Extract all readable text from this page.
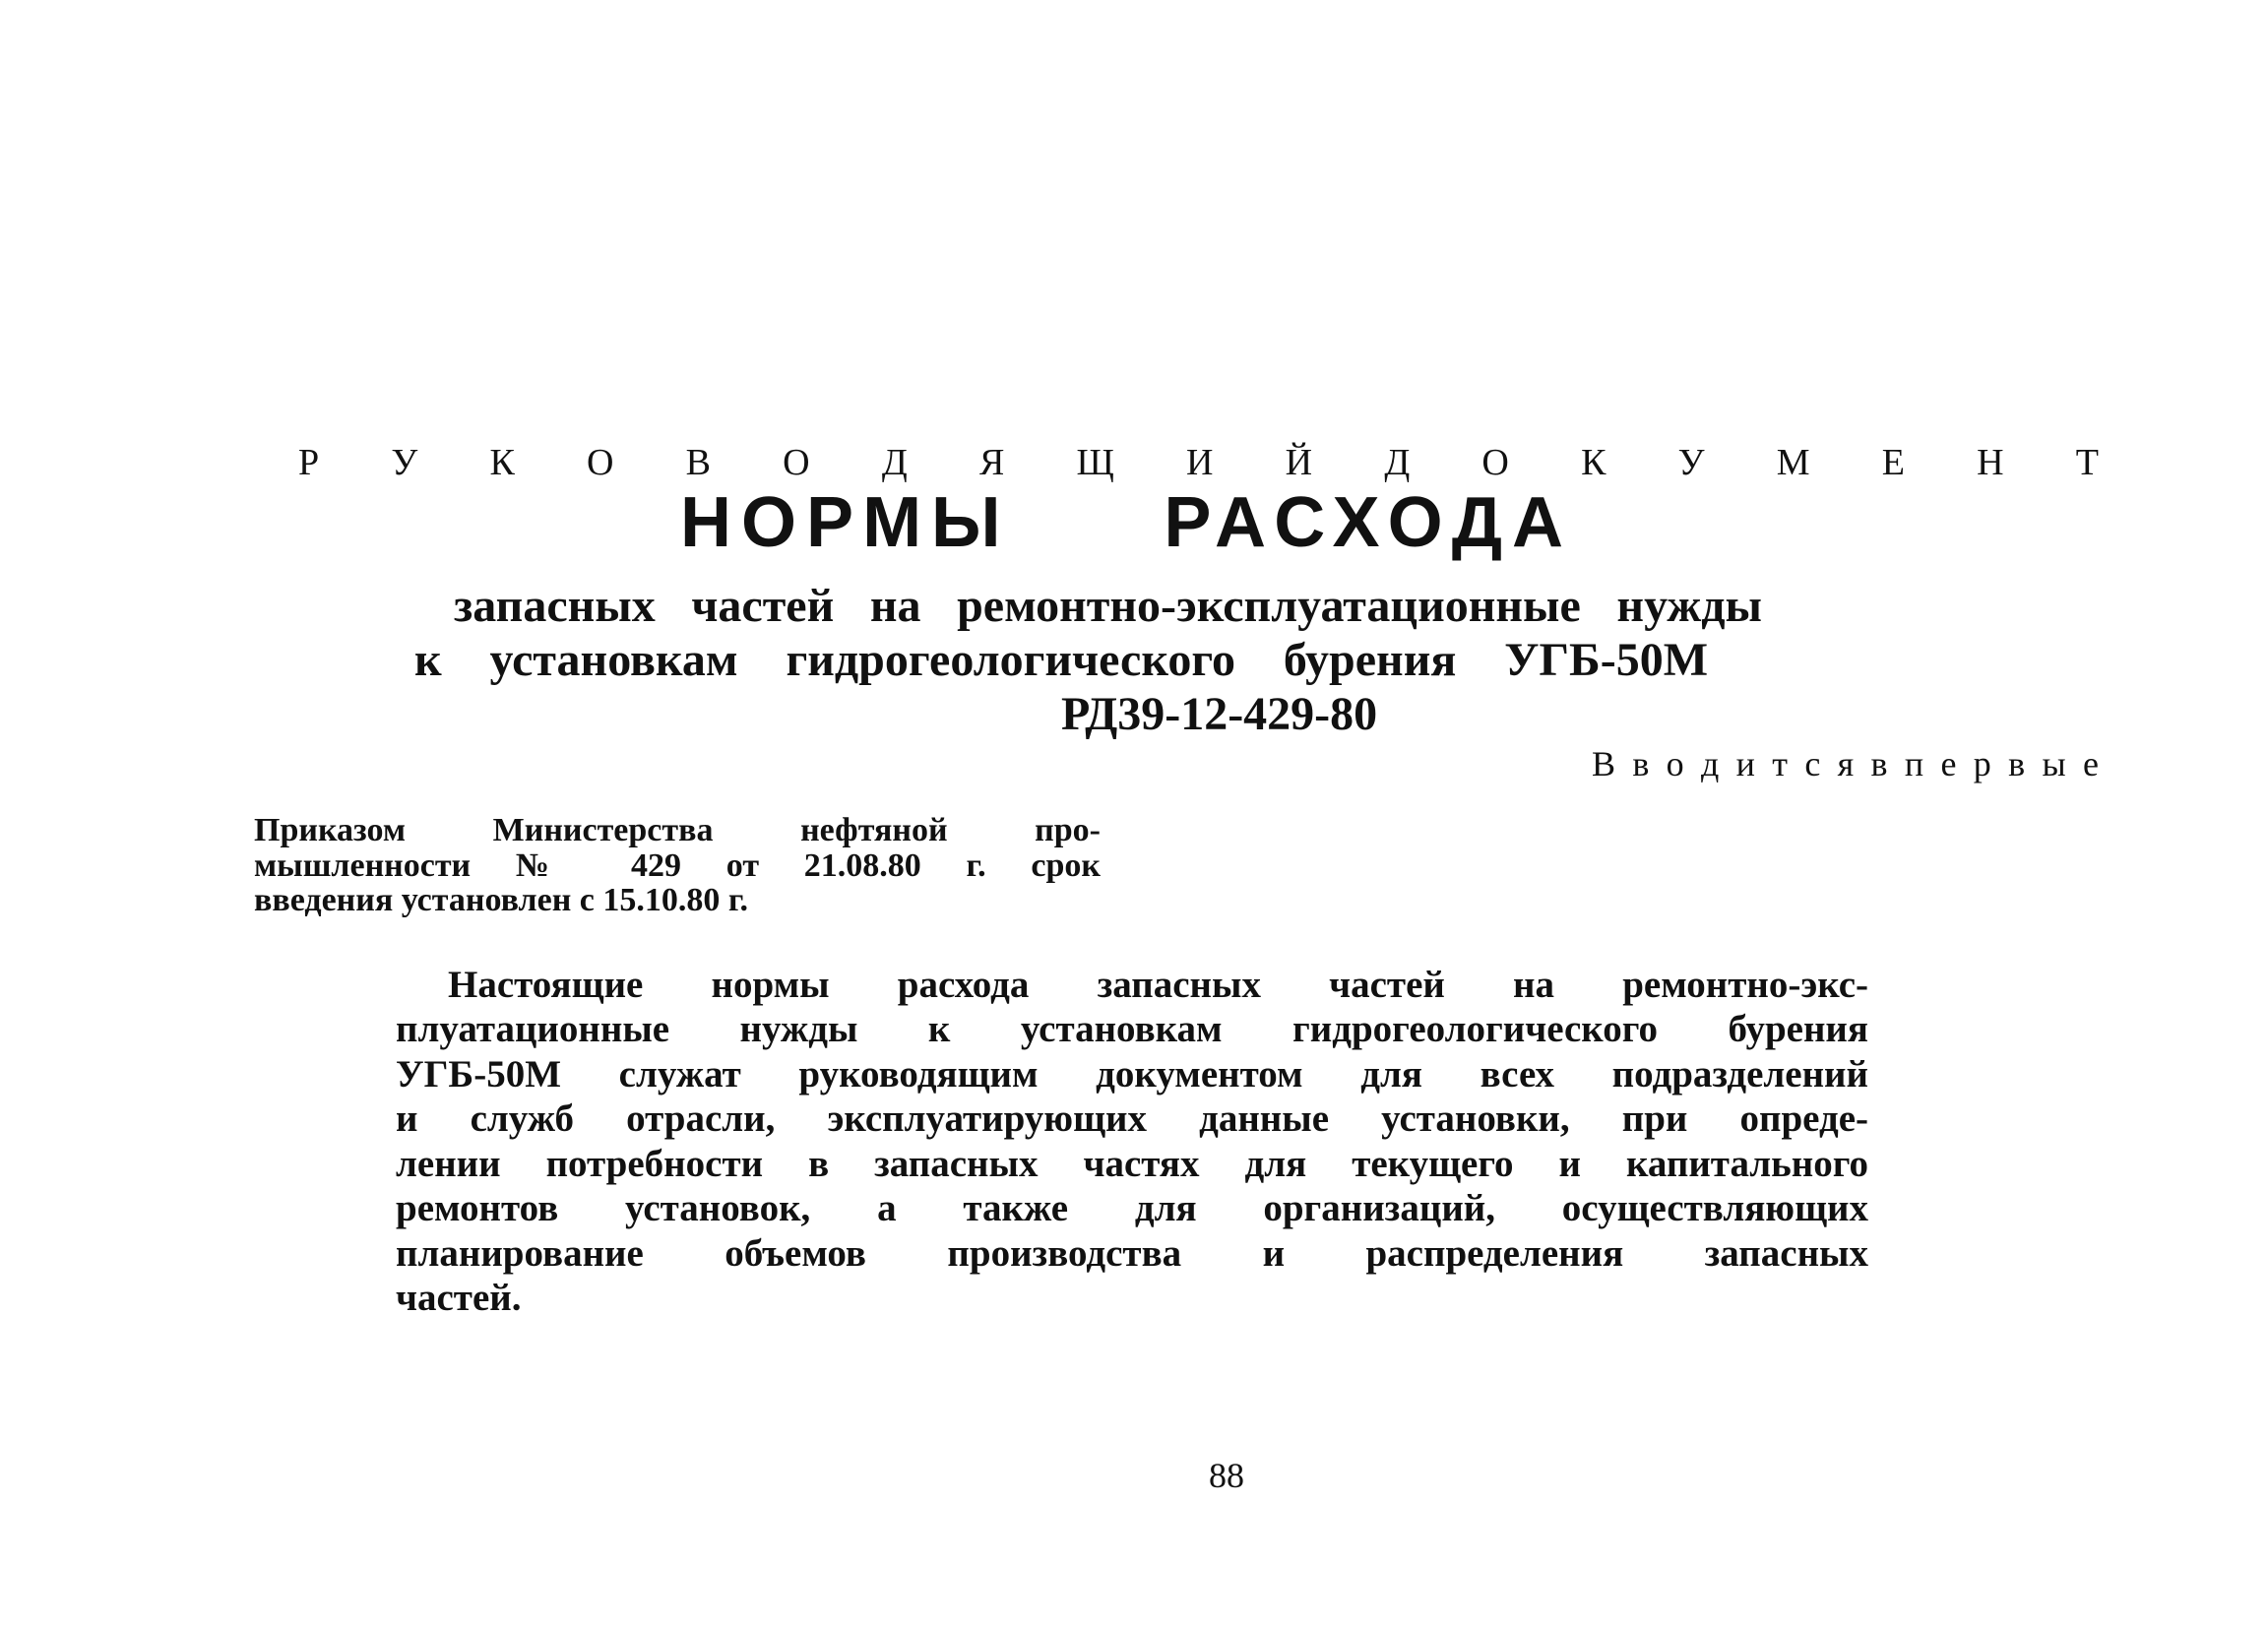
Р У К О В О Д Я Щ И Й Д О К У М Е Н Т
НОРМЫ РАСХОДА
запасных частей на ремонтно-эксплуатационные нужды
к установкам гидрогеологического бурения УГБ-50М
РД39-12-429-80
В в о д и т с я в п е р в ы е
Приказом Министерства нефтяной про-
мышленности № 429 от 21.08.80 г. срок
введения установлен с 15.10.80 г.
Настоящие нормы расхода запасных частей на ремонтно-экс-
плуатационные нужды к установкам гидрогеологического бурения
УГБ-50М служат руководящим документом для всех подразделений
и служб отрасли, эксплуатирующих данные установки, при опреде-
лении потребности в запасных частях для текущего и капитального
ремонтов установок, а также для организаций, осуществляющих
планирование объемов производства и распределения запасных
частей.
88
